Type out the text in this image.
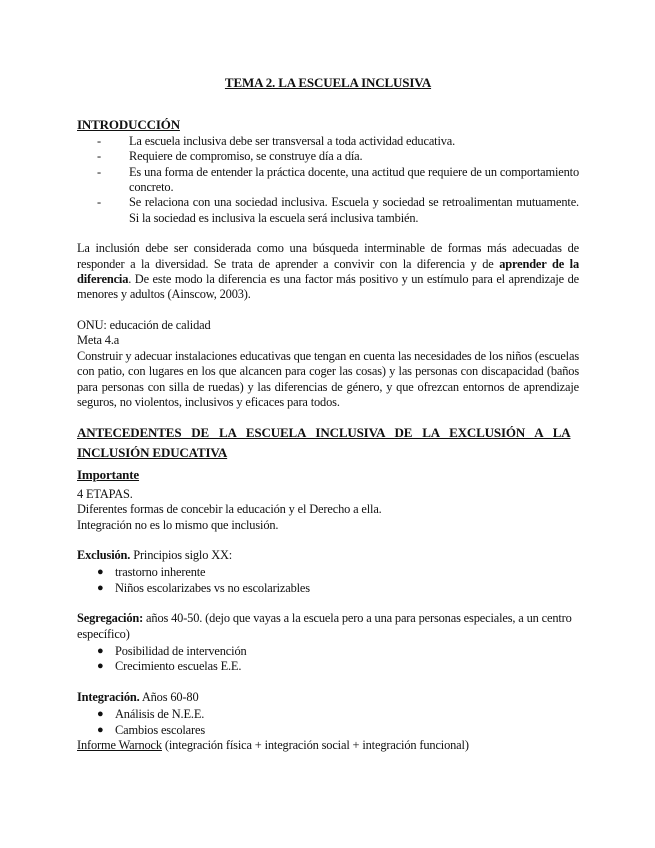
TEMA 2. LA ESCUELA INCLUSIVA

INTRODUCCIÓN

- La escuela inclusiva debe ser transversal a toda actividad educativa.
- Requiere de compromiso, se construye día a día.
- Es una forma de entender la práctica docente, una actitud que requiere de un comportamiento concreto.
- Se relaciona con una sociedad inclusiva. Escuela y sociedad se retroalimentan mutuamente. Si la sociedad es inclusiva la escuela será inclusiva también.

La inclusión debe ser considerada como una búsqueda interminable de formas más adecuadas de responder a la diversidad. Se trata de aprender a convivir con la diferencia y de aprender de la diferencia. De este modo la diferencia es una factor más positivo y un estímulo para el aprendizaje de menores y adultos (Ainscow, 2003).

ONU: educación de calidad

Meta 4.a

Construir y adecuar instalaciones educativas que tengan en cuenta las necesidades de los niños (escuelas con patio, con lugares en los que alcancen para coger las cosas) y las personas con discapacidad (baños para personas con silla de ruedas) y las diferencias de género, y que ofrezcan entornos de aprendizaje seguros, no violentos, inclusivos y eficaces para todos.

ANTECEDENTES DE LA ESCUELA INCLUSIVA DE LA EXCLUSIÓN A LA
INCLUSIÓN EDUCATIVA

Importante

4 ETAPAS.

Diferentes formas de concebir la educación y el Derecho a ella.

Integración no es lo mismo que inclusión.

Exclusión. Principios siglo XX:

● trastorno inherente
● Niños escolarizabes vs no escolarizables

Segregación: años 40-50. (dejo que vayas a la escuela pero a una para personas especiales, a un centro específico)

● Posibilidad de intervención
● Crecimiento escuelas E.E.

Integración. Años 60-80

● Análisis de N.E.E.
● Cambios escolares

Informe Warnock (integración física + integración social + integración funcional)
